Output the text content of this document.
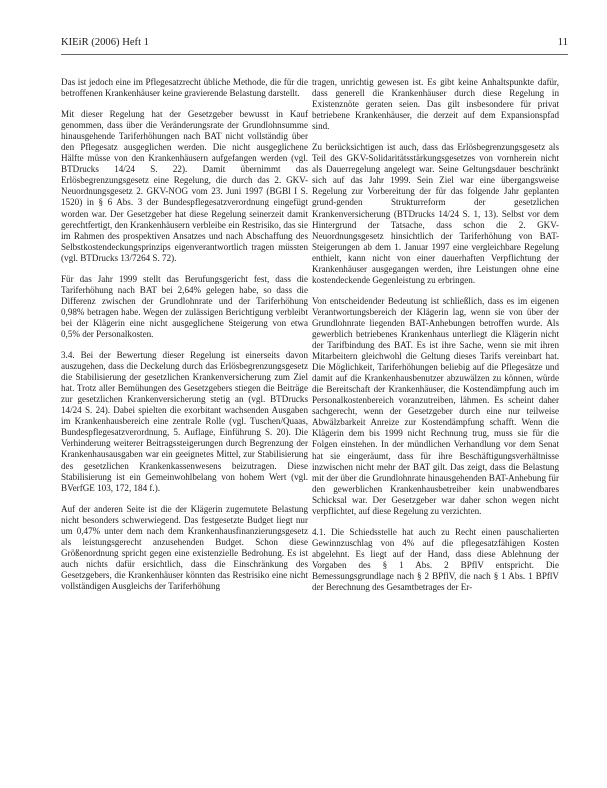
KIEiR (2006) Heft 1	11

Das ist jedoch eine im Pflegesatzrecht übliche Methode, die für die betroffenen Krankenhäuser keine gravierende Belastung darstellt.

Mit dieser Regelung hat der Gesetzgeber bewusst in Kauf genommen, dass über die Veränderungsrate der Grundlohnsumme hinausgehende Tariferhöhungen nach BAT nicht vollständig über den Pflegesatz ausgeglichen werden. Die nicht ausgeglichene Hälfte müsse von den Krankenhäusern aufgefangen werden (vgl. BTDrucks 14/24 S. 22). Damit übernimmt das Erlösbegrenzungsgesetz eine Regelung, die durch das 2. GKV-Neuordnungsgesetz 2. GKV-NOG vom 23. Juni 1997 (BGBl I S. 1520) in § 6 Abs. 3 der Bundespflegesatzverordnung eingefügt worden war. Der Gesetzgeber hat diese Regelung seinerzeit damit gerechtfertigt, den Krankenhäusern verbleibe ein Restrisiko, das sie im Rahmen des prospektiven Ansatzes und nach Abschaffung des Selbstkostendeckungsprinzips eigenverantwortlich tragen müssten (vgl. BTDrucks 13/7264 S. 72).

Für das Jahr 1999 stellt das Berufungsgericht fest, dass die Tariferhöhung nach BAT bei 2,64% gelegen habe, so dass die Differenz zwischen der Grundlohnrate und der Tariferhöhung 0,98% betragen habe. Wegen der zulässigen Berichtigung verbleibt bei der Klägerin eine nicht ausgeglichene Steigerung von etwa 0,5% der Personalkosten.

3.4. Bei der Bewertung dieser Regelung ist einerseits davon auszugehen, dass die Deckelung durch das Erlösbegrenzungsgesetz die Stabilisierung der gesetzlichen Krankenversicherung zum Ziel hat. Trotz aller Bemühungen des Gesetzgebers stiegen die Beiträge zur gesetzlichen Krankenversicherung stetig an (vgl. BTDrucks 14/24 S. 24). Dabei spielten die exorbitant wachsenden Ausgaben im Krankenhausbereich eine zentrale Rolle (vgl. Tuschen/Quaas, Bundespflegesatzverordnung, 5. Auflage, Einführung S. 20). Die Verhinderung weiterer Beitragssteigerungen durch Begrenzung der Krankenhausausgaben war ein geeignetes Mittel, zur Stabilisierung des gesetzlichen Krankenkassenwesens beizutragen. Diese Stabilisierung ist ein Gemeinwohlbelang von hohem Wert (vgl. BVerfGE 103, 172, 184 f.).

Auf der anderen Seite ist die der Klägerin zugemutete Belastung nicht besonders schwerwiegend. Das festgesetzte Budget liegt nur um 0,47% unter dem nach dem Krankenhausfinanzierungsgesetz als leistungsgerecht anzusehenden Budget. Schon diese Größenordnung spricht gegen eine existenzielle Bedrohung. Es ist auch nichts dafür ersichtlich, dass die Einschränkung des Gesetzgebers, die Krankenhäuser könnten das Restrisiko eine nicht vollständigen Ausgleichs der Tariferhöhung

tragen, unrichtig gewesen ist. Es gibt keine Anhaltspunkte dafür, dass generell die Krankenhäuser durch diese Regelung in Existenznöte geraten seien. Das gilt insbesondere für privat betriebene Krankenhäuser, die derzeit auf dem Expansionspfad sind.

Zu berücksichtigen ist auch, dass das Erlösbegrenzungsgesetz als Teil des GKV-Solidaritätsstärkungsgesetzes von vornherein nicht als Dauerregelung angelegt war. Seine Geltungsdauer beschränkt sich auf das Jahr 1999. Sein Ziel war eine übergangsweise Regelung zur Vorbereitung der für das folgende Jahr geplanten grund-genden Strukturreform der gesetzlichen Krankenversicherung (BTDrucks 14/24 S. 1, 13). Selbst vor dem Hintergrund der Tatsache, dass schon die 2. GKV-Neuordnungsgesetz hinsichtlich der Tariferhöhung von BAT-Steigerungen ab dem 1. Januar 1997 eine vergleichbare Regelung enthielt, kann nicht von einer dauerhaften Verpflichtung der Krankenhäuser ausgegangen werden, ihre Leistungen ohne eine kostendeckende Gegenleistung zu erbringen.

Von entscheidender Bedeutung ist schließlich, dass es im eigenen Verantwortungsbereich der Klägerin lag, wenn sie von über der Grundlohnrate liegenden BAT-Anhebungen betroffen wurde. Als gewerblich betriebenes Krankenhaus unterliegt die Klägerin nicht der Tarifbindung des BAT. Es ist ihre Sache, wenn sie mit ihren Mitarbeitern gleichwohl die Geltung dieses Tarifs vereinbart hat. Die Möglichkeit, Tariferhöhungen beliebig auf die Pflegesätze und damit auf die Krankenhausbenutzer abzuwälzen zu können, würde die Bereitschaft der Krankenhäuser, die Kostendämpfung auch im Personalkostenbereich voranzutreiben, lähmen. Es scheint daher sachgerecht, wenn der Gesetzgeber durch eine nur teilweise Abwälzbarkeit Anreize zur Kostendämpfung schafft. Wenn die Klägerin dem bis 1999 nicht Rechnung trug, muss sie für die Folgen einstehen. In der mündlichen Verhandlung vor dem Senat hat sie eingeräumt, dass für ihre Beschäftigungsverhältnisse inzwischen nicht mehr der BAT gilt. Das zeigt, dass die Belastung mit der über die Grundlohnrate hinausgehenden BAT-Anhebung für den gewerblichen Krankenhausbetreiber kein unabwendbares Schicksal war. Der Gesetzgeber war daher schon wegen nicht verpflichtet, auf diese Regelung zu verzichten.

4.1. Die Schiedsstelle hat auch zu Recht einen pauschalierten Gewinnzuschlag von 4% auf die pflegesatzfähigen Kosten abgelehnt. Es liegt auf der Hand, dass diese Ablehnung der Vorgaben des § 1 Abs. 2 BPflV entspricht. Die Bemessungsgrundlage nach § 2 BPflV, die nach § 1 Abs. 1 BPflV der Berechnung des Gesamtbetrages der Er-
